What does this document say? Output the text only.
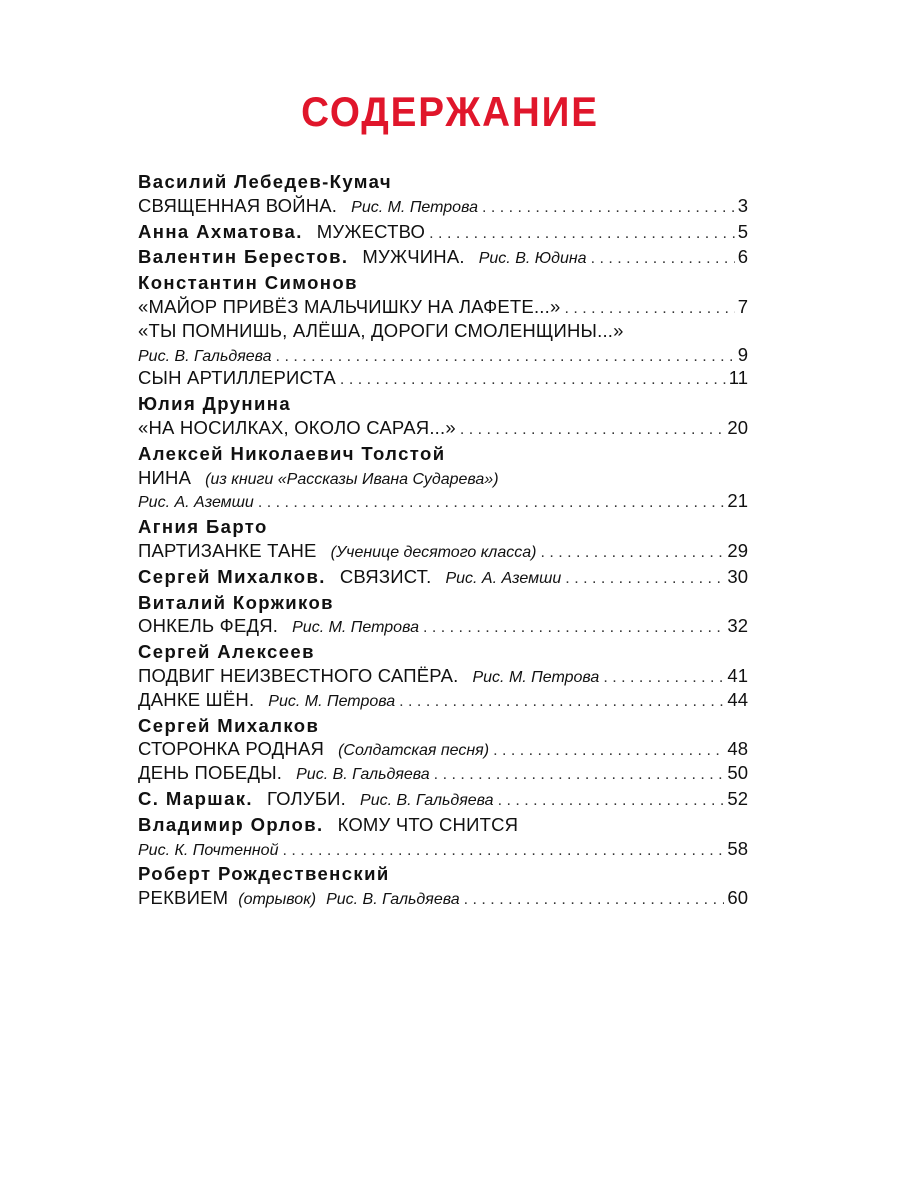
СОДЕРЖАНИЕ
Василий Лебедев-Кумач
СВЯЩЕННАЯ ВОЙНА. Рис. М. Петрова . . .	3
Анна Ахматова. МУЖЕСТВО . . .	5
Валентин Берестов. МУЖЧИНА. Рис. В. Юдина . . .	6
Константин Симонов
«МАЙОР ПРИВЁЗ МАЛЬЧИШКУ НА ЛАФЕТЕ...» . . .	7
«ТЫ ПОМНИШЬ, АЛЁША, ДОРОГИ СМОЛЕНЩИНЫ...»
Рис. В. Гальдяева . . .	9
СЫН АРТИЛЛЕРИСТА . . .	11
Юлия Друнина
«НА НОСИЛКАХ, ОКОЛО САРАЯ...» . . .	20
Алексей Николаевич Толстой
НИНА (из книги «Рассказы Ивана Сударева»)
Рис. А. Аземши . . .	21
Агния Барто
ПАРТИЗАНКЕ ТАНЕ (Ученице десятого класса) . . .	29
Сергей Михалков. СВЯЗИСТ. Рис. А. Аземши . . .	30
Виталий Коржиков
ОНКЕЛЬ ФЕДЯ. Рис. М. Петрова . . .	32
Сергей Алексеев
ПОДВИГ НЕИЗВЕСТНОГО САПЁРА. Рис. М. Петрова . . .	41
ДАНКЕ ШЁН. Рис. М. Петрова . . .	44
Сергей Михалков
СТОРОНКА РОДНАЯ (Солдатская песня) . . .	48
ДЕНЬ ПОБЕДЫ. Рис. В. Гальдяева . . .	50
С. Маршак. ГОЛУБИ. Рис. В. Гальдяева . . .	52
Владимир Орлов. КОМУ ЧТО СНИТСЯ
Рис. К. Почтенной . . .	58
Роберт Рождественский
РЕКВИЕМ (отрывок) Рис. В. Гальдяева . . .	60
